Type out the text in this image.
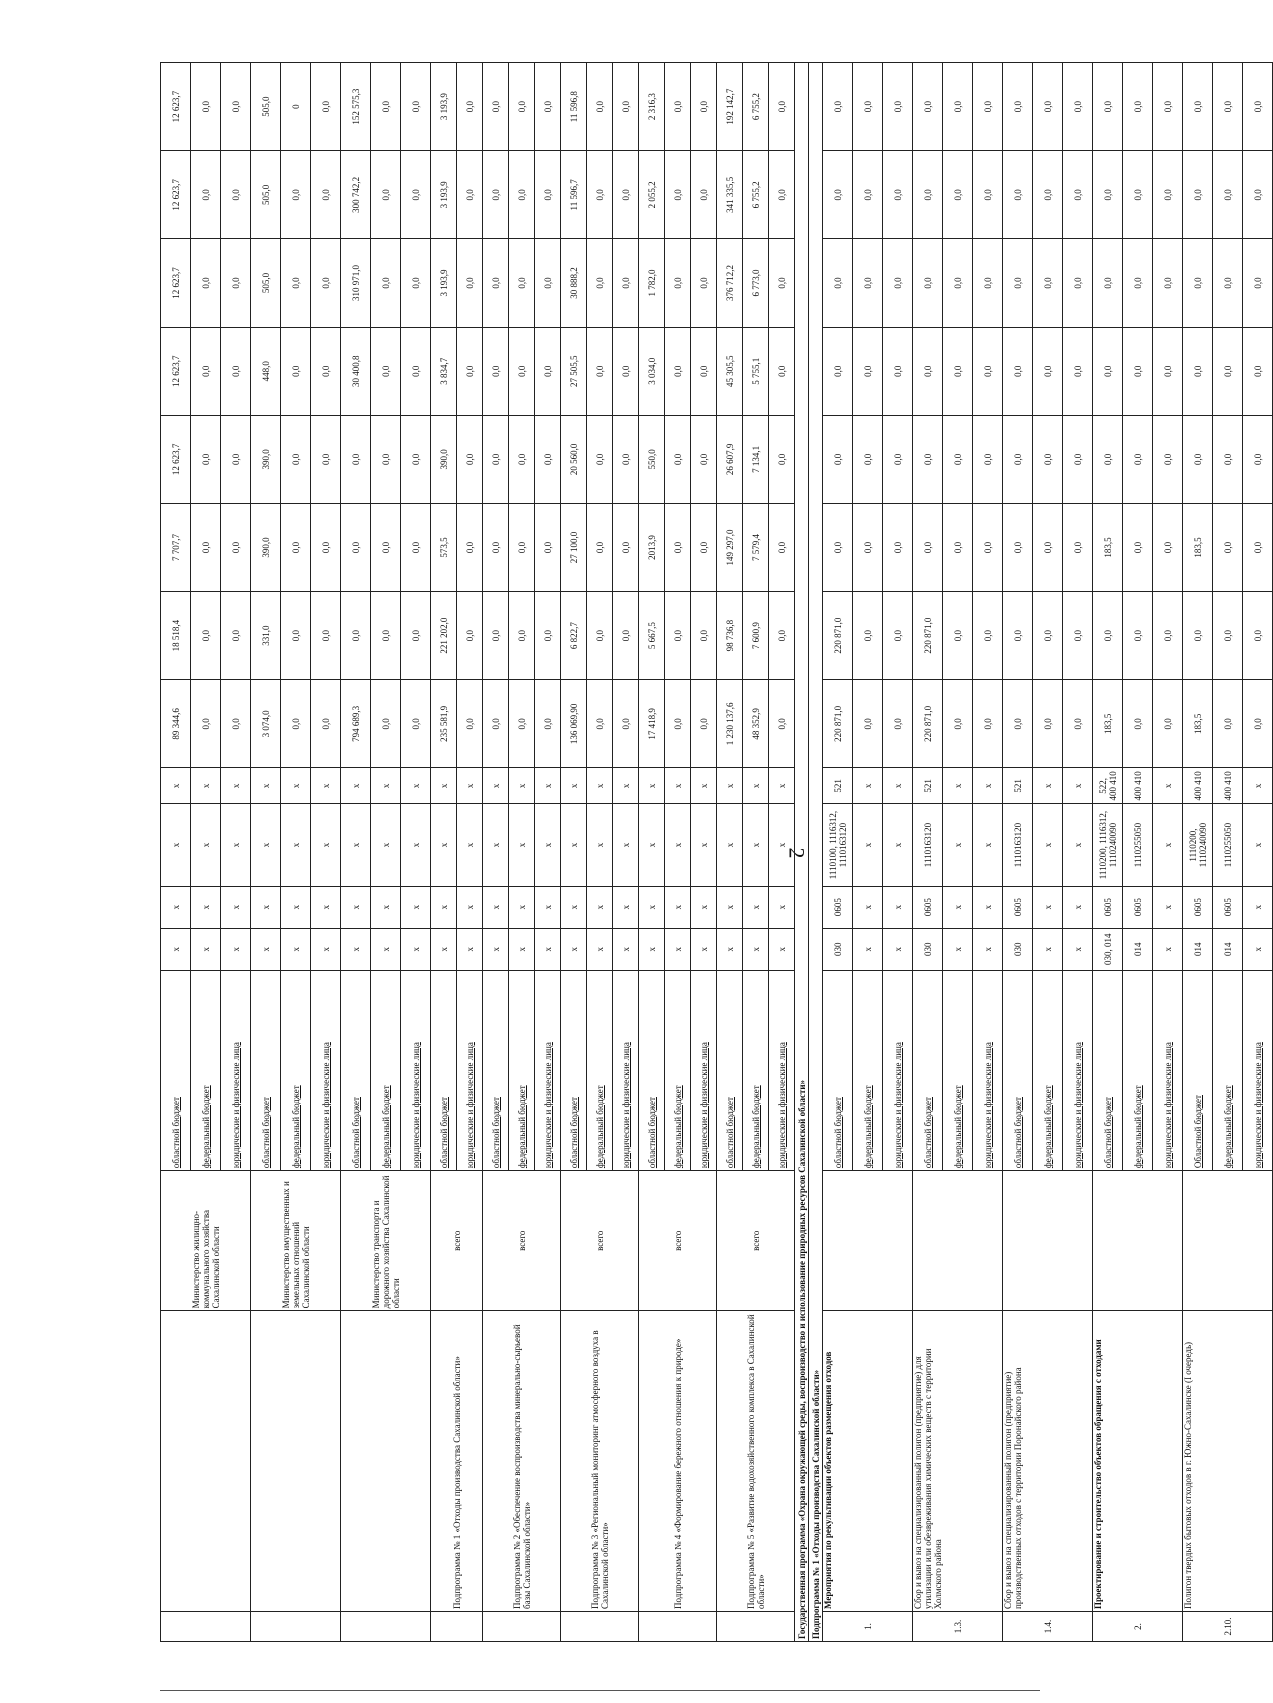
2
		Министерство жилищно-коммунального хозяйства Сахалинской области	областной бюджет	x	x	x	x	89 344,6	18 518,4	7 707,7	12 623,7	12 623,7	12 623,7	12 623,7	12 623,7
			федеральный бюджет	x	x	x	x	0,0	0,0	0,0	0,0	0,0	0,0	0,0	0,0
			юридические и физические лица	x	x	x	x	0,0	0,0	0,0	0,0	0,0	0,0	0,0	0,0
		Министерство имущественных и земельных отношений Сахалинской области	областной бюджет	x	x	x	x	3 074,0	331,0	390,0	390,0	448,0	505,0	505,0	505,0
			федеральный бюджет	x	x	x	x	0,0	0,0	0,0	0,0	0,0	0,0	0,0	0
			юридические и физические лица	x	x	x	x	0,0	0,0	0,0	0,0	0,0	0,0	0,0	0,0
		Министерство транспорта и дорожного хозяйства Сахалинской области	областной бюджет	x	x	x	x	794 689,3	0,0	0,0	0,0	30 400,8	310 971,0	300 742,2	152 575,3
			федеральный бюджет	x	x	x	x	0,0	0,0	0,0	0,0	0,0	0,0	0,0	0,0
			юридические и физические лица	x	x	x	x	0,0	0,0	0,0	0,0	0,0	0,0	0,0	0,0
	Подпрограмма № 1 «Отходы производства Сахалинской области»	всего	областной бюджет	x	x	x	x	235 581,9	221 202,0	573,5	390,0	3 834,7	3 193,9	3 193,9	3 193,9
			юридические и физические лица	x	x	x	x	0,0	0,0	0,0	0,0	0,0	0,0	0,0	0,0
	Подпрограмма № 2 «Обеспечение воспроизводства минерально-сырьевой базы Сахалинской области»	всего	областной бюджет	x	x	x	x	0,0	0,0	0,0	0,0	0,0	0,0	0,0	0,0
			федеральный бюджет	x	x	x	x	0,0	0,0	0,0	0,0	0,0	0,0	0,0	0,0
			юридические и физические лица	x	x	x	x	0,0	0,0	0,0	0,0	0,0	0,0	0,0	0,0
	Подпрограмма № 3 «Региональный мониторинг атмосферного воздуха в Сахалинской области»	всего	областной бюджет	x	x	x	x	136 069,90	6 822,7	27 100,0	20 560,0	27 505,5	30 888,2	11 596,7	11 596,8
			федеральный бюджет	x	x	x	x	0,0	0,0	0,0	0,0	0,0	0,0	0,0	0,0
			юридические и физические лица	x	x	x	x	0,0	0,0	0,0	0,0	0,0	0,0	0,0	0,0
	Подпрограмма № 4 «Формирование бережного отношения к природе»	всего	областной бюджет	x	x	x	x	17 418,9	5 667,5	2013,9	550,0	3 034,0	1 782,0	2 055,2	2 316,3
			федеральный бюджет	x	x	x	x	0,0	0,0	0,0	0,0	0,0	0,0	0,0	0,0
			юридические и физические лица	x	x	x	x	0,0	0,0	0,0	0,0	0,0	0,0	0,0	0,0
	Подпрограмма № 5 «Развитие водохозяйственного комплекса в Сахалинской области»	всего	областной бюджет	x	x	x	x	1 230 137,6	98 736,8	149 297,0	26 607,9	45 305,5	376 712,2	341 335,5	192 142,7
			федеральный бюджет	x	x	x	x	48 352,9	7 600,9	7 579,4	7 134,1	5 755,1	6 773,0	6 755,2	6 755,2
			юридические и физические лица	x	x	x	x	0,0	0,0	0,0	0,0	0,0	0,0	0,0	0,0
Государственная программа «Охрана окружающей среды, воспроизводство и использование природных ресурсов Сахалинской области»															
Подпрограмма № 1 «Отходы производства Сахалинской области»															
1.	Мероприятия по рекультивации объектов размещения отходов		областной бюджет	030	0605	1110100, 1116312, 1110163120	521	220 871,0	220 871,0	0,0	0,0	0,0	0,0	0,0	0,0
			федеральный бюджет	x	x	x	x	0,0	0,0	0,0	0,0	0,0	0,0	0,0	0,0
			юридические и физические лица	x	x	x	x	0,0	0,0	0,0	0,0	0,0	0,0	0,0	0,0
1.3.	Сбор и вывоз на специализированный полигон (предприятие) для утилизации или обезвреживания химических веществ с территории Холмского района		областной бюджет	030	0605	1110163120	521	220 871,0	220 871,0	0,0	0,0	0,0	0,0	0,0	0,0
			федеральный бюджет	x	x	x	x	0,0	0,0	0,0	0,0	0,0	0,0	0,0	0,0
			юридические и физические лица	x	x	x	x	0,0	0,0	0,0	0,0	0,0	0,0	0,0	0,0
1.4.	Сбор и вывоз на специализированный полигон (предприятие) производственных отходов с территории Поронайского района		областной бюджет	030	0605	1110163120	521	0,0	0,0	0,0	0,0	0,0	0,0	0,0	0,0
			федеральный бюджет	x	x	x	x	0,0	0,0	0,0	0,0	0,0	0,0	0,0	0,0
			юридические и физические лица	x	x	x	x	0,0	0,0	0,0	0,0	0,0	0,0	0,0	0,0
2.	Проектирование и строительство объектов обращения с отходами		областной бюджет	030, 014	0605	1110200, 1116312, 1110240090	522, 400 410	183,5	0,0	183,5	0,0	0,0	0,0	0,0	0,0
			федеральный бюджет	014	0605	1110255050	400 410	0,0	0,0	0,0	0,0	0,0	0,0	0,0	0,0
			юридические и физические лица	x	x	x	x	0,0	0,0	0,0	0,0	0,0	0,0	0,0	0,0
2.10.	Полигон твердых бытовых отходов в г. Южно-Сахалинске (I очередь)		Областной бюджет	014	0605	1110200, 1110240090	400 410	183,5	0,0	183,5	0,0	0,0	0,0	0,0	0,0
			федеральный бюджет	014	0605	1110255050	400 410	0,0	0,0	0,0	0,0	0,0	0,0	0,0	0,0
			юридические и физические лица	x	x	x	x	0,0	0,0	0,0	0,0	0,0	0,0	0,0	0,0
